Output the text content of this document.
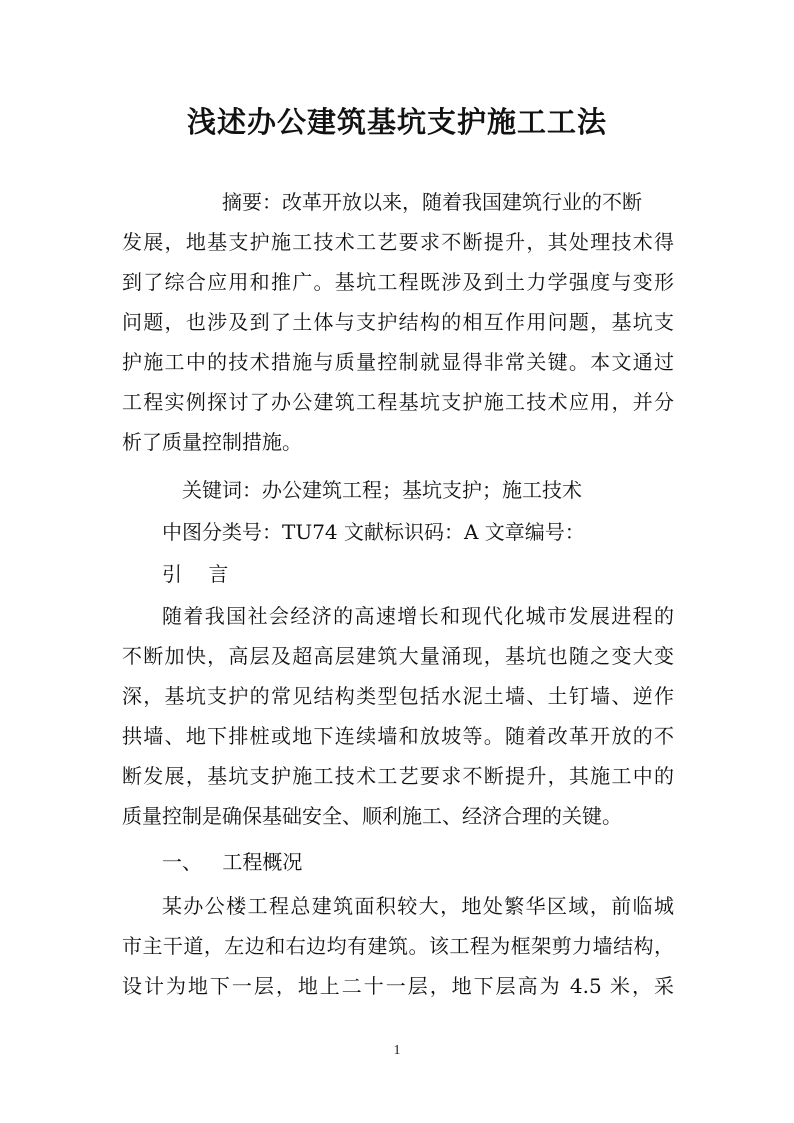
浅述办公建筑基坑支护施工工法
摘要：改革开放以来，随着我国建筑行业的不断
发展，地基支护施工技术工艺要求不断提升，其处理技术得
到了综合应用和推广。基坑工程既涉及到土力学强度与变形
问题，也涉及到了土体与支护结构的相互作用问题，基坑支
护施工中的技术措施与质量控制就显得非常关键。本文通过
工程实例探讨了办公建筑工程基坑支护施工技术应用，并分
析了质量控制措施。
关键词：办公建筑工程；基坑支护；施工技术
中图分类号：TU74 文献标识码：A 文章编号：
引 言
随着我国社会经济的高速增长和现代化城市发展进程的
不断加快，高层及超高层建筑大量涌现，基坑也随之变大变
深，基坑支护的常见结构类型包括水泥土墙、土钉墙、逆作
拱墙、地下排桩或地下连续墙和放坡等。随着改革开放的不
断发展，基坑支护施工技术工艺要求不断提升，其施工中的
质量控制是确保基础安全、顺利施工、经济合理的关键。
一、 工程概况
某办公楼工程总建筑面积较大，地处繁华区域，前临城
市主干道，左边和右边均有建筑。该工程为框架剪力墙结构，
设计为地下一层，地上二十一层，地下层高为 4.5 米，采
1
